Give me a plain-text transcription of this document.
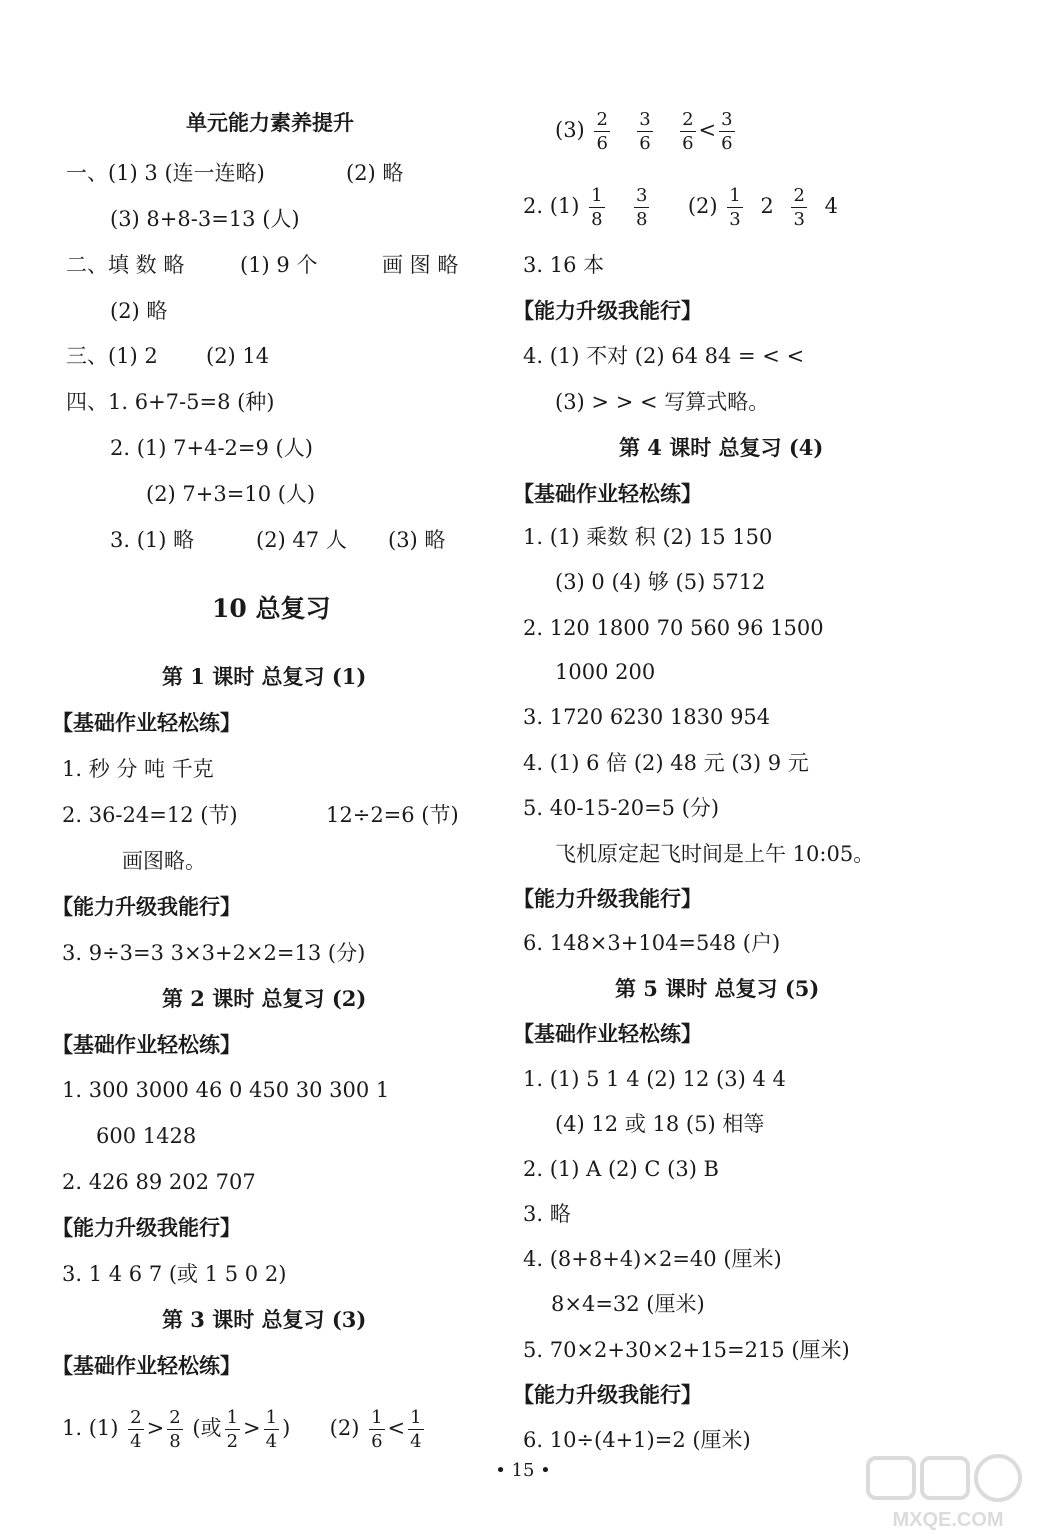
单元能力素养提升
一、(1) 3 (连一连略)	(2) 略
(3) 8+8-3=13 (人)
二、填 数 略	(1) 9 个	画 图 略
(2) 略
三、(1) 2 (2) 14
四、1. 6+7-5=8 (种)
2. (1) 7+4-2=9 (人)
(2) 7+3=10 (人)
3. (1) 略	(2) 47 人 (3) 略
10 总复习
第 1 课时 总复习 (1)
【基础作业轻松练】
1. 秒 分 吨 千克
2. 36-24=12 (节)	12÷2=6 (节)
画图略。
【能力升级我能行】
3. 9÷3=3 3×3+2×2=13 (分)
第 2 课时 总复习 (2)
【基础作业轻松练】
1. 300 3000 46 0 450 30 300 1
600 1428
2. 426 89 202 707
【能力升级我能行】
3. 1 4 6 7 (或 1 5 0 2)
第 3 课时 总复习 (3)
【基础作业轻松练】
1. $(1) \frac{2}{4} > \frac{2}{8}$ (或 $\frac{1}{2} > \frac{1}{4}$ ) $(2) \frac{1}{6} < \frac{1}{4}$
$(3) \frac{2}{6}$
$\frac{3}{6}$
$\frac{2}{6} < \frac{3}{6}$
2. $(1) \frac{1}{8}$
$\frac{3}{8} (2) \frac{1}{3} 2 \frac{2}{3} 4$
3. 16 本
【能力升级我能行】
4. (1) 不对 (2) 64 84 = < <
(3) > > < 写算式略。
第 4 课时 总复习 (4)
【基础作业轻松练】
1. (1) 乘数 积 (2) 15 150
(3) 0 (4) 够 (5) 5712
2. 120 1800 70 560 96 1500
1000 200
3. 1720 6230 1830 954
4. (1) 6 倍 (2) 48 元 (3) 9 元
5. 40-15-20=5 (分)
飞机原定起飞时间是上午 10:05。
【能力升级我能行】
6. 148×3+104=548 (户)
第 5 课时 总复习 (5)
【基础作业轻松练】
1. (1) 5 1 4 (2) 12 (3) 4 4
(4) 12 或 18 (5) 相等
2. (1) A (2) C (3) B
3. 略
4. (8+8+4)×2=40 (厘米)
8×4=32 (厘米)
5. 70×2+30×2+15=215 (厘米)
【能力升级我能行】
6. 10÷(4+1)=2 (厘米)
• 15 •
MXQE.COM
